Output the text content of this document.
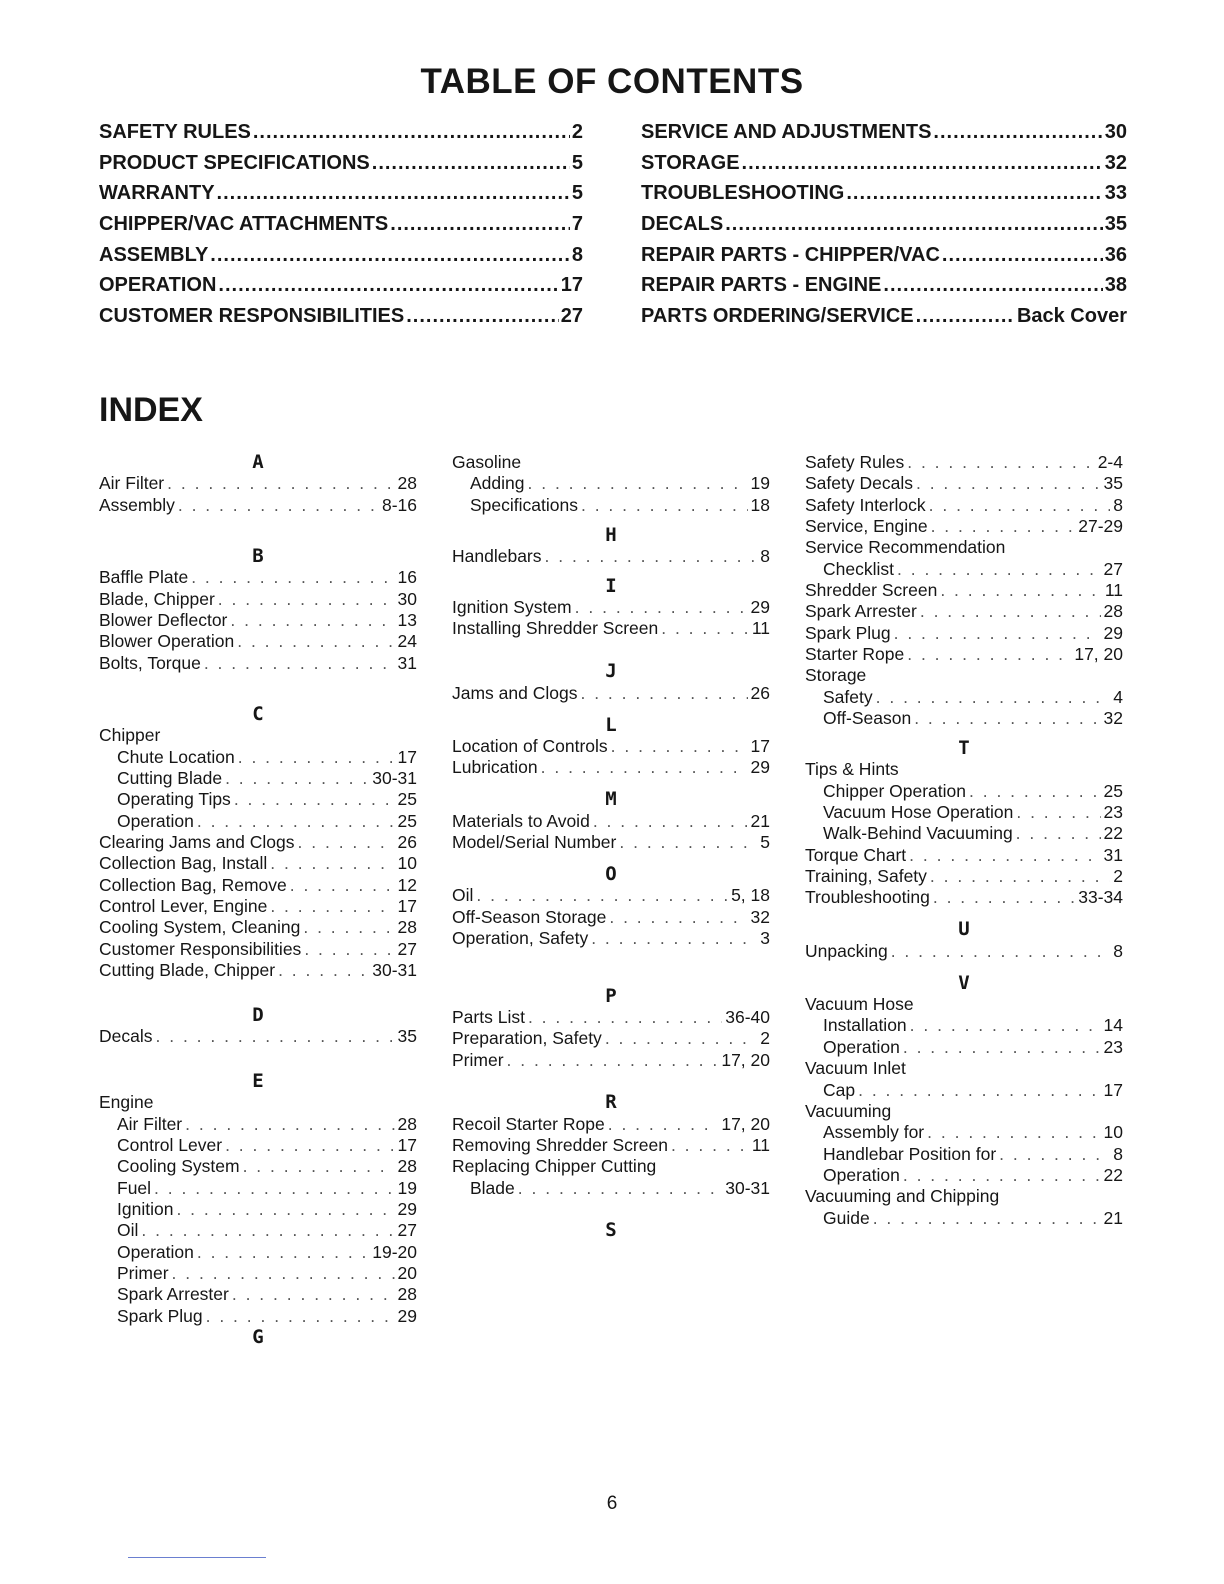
TABLE OF CONTENTS
SAFETY RULES .....	2
PRODUCT SPECIFICATIONS .....	5
WARRANTY .....	5
CHIPPER/VAC ATTACHMENTS .....	7
ASSEMBLY .....	8
OPERATION .....	17
CUSTOMER RESPONSIBILITIES .....	27
SERVICE AND ADJUSTMENTS .....	30
STORAGE .....	32
TROUBLESHOOTING .....	33
DECALS .....	35
REPAIR PARTS - CHIPPER/VAC .....	36
REPAIR PARTS - ENGINE .....	38
PARTS ORDERING/SERVICE .....	Back Cover
INDEX
A
Air Filter . . .	28
Assembly . . .	8-16
B
Baffle Plate . . .	16
Blade, Chipper . . .	30
Blower Deflector . . .	13
Blower Operation . . .	24
Bolts, Torque . . .	31
C
Chipper
Chute Location . . .	17
Cutting Blade . . .	30-31
Operating Tips . . .	25
Operation . . .	25
Clearing Jams and Clogs . . .	26
Collection Bag, Install . . .	10
Collection Bag, Remove . . .	12
Control Lever, Engine . . .	17
Cooling System, Cleaning . . .	28
Customer Responsibilities . . .	27
Cutting Blade, Chipper . . .	30-31
D
Decals . . .	35
E
Engine
Air Filter . . .	28
Control Lever . . .	17
Cooling System . . .	28
Fuel . . .	19
Ignition . . .	29
Oil . . .	27
Operation . . .	19-20
Primer . . .	20
Spark Arrester . . .	28
Spark Plug . . .	29
G
Gasoline
Adding . . .	19
Specifications . . .	18
H
Handlebars . . .	8
I
Ignition System . . .	29
Installing Shredder Screen . . .	11
J
Jams and Clogs . . .	26
L
Location of Controls . . .	17
Lubrication . . .	29
M
Materials to Avoid . . .	21
Model/Serial Number . . .	5
O
Oil . . .	5, 18
Off-Season Storage . . .	32
Operation, Safety . . .	3
P
Parts List . . .	36-40
Preparation, Safety . . .	2
Primer . . .	17, 20
R
Recoil Starter Rope . . .	17, 20
Removing Shredder Screen . . .	11
Replacing Chipper Cutting
Blade . . .	30-31
S
Safety Rules . . .	2-4
Safety Decals . . .	35
Safety Interlock . . .	8
Service, Engine . . .	27-29
Service Recommendation
Checklist . . .	27
Shredder Screen . . .	11
Spark Arrester . . .	28
Spark Plug . . .	29
Starter Rope . . .	17, 20
Storage
Safety . . .	4
Off-Season . . .	32
T
Tips & Hints
Chipper Operation . . .	25
Vacuum Hose Operation . . .	23
Walk-Behind Vacuuming . . .	22
Torque Chart . . .	31
Training, Safety . . .	2
Troubleshooting . . .	33-34
U
Unpacking . . .	8
V
Vacuum Hose
Installation . . .	14
Operation . . .	23
Vacuum Inlet
Cap . . .	17
Vacuuming
Assembly for . . .	10
Handlebar Position for . . .	8
Operation . . .	22
Vacuuming and Chipping
Guide . . .	21
6
